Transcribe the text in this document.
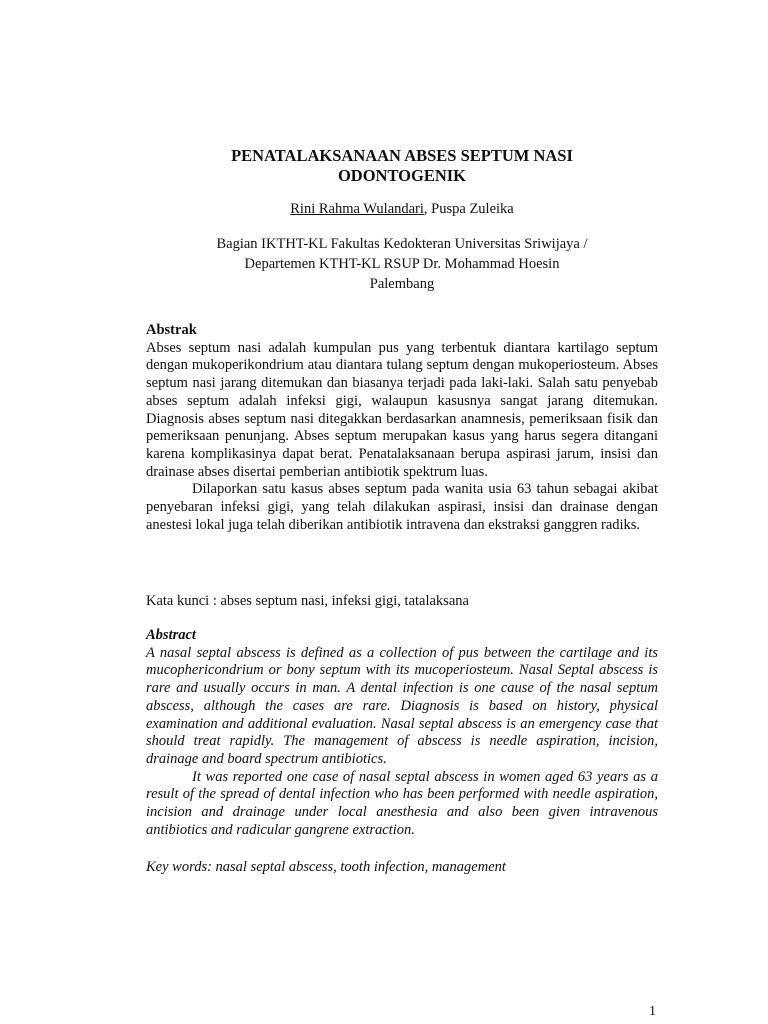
PENATALAKSANAAN ABSES SEPTUM NASI
ODONTOGENIK
Rini Rahma Wulandari, Puspa Zuleika
Bagian IKTHT-KL Fakultas Kedokteran Universitas Sriwijaya /
Departemen KTHT-KL RSUP Dr. Mohammad Hoesin
Palembang
Abstrak

Abses septum nasi adalah kumpulan pus yang terbentuk diantara kartilago septum dengan mukoperikondrium atau diantara tulang septum dengan mukoperiosteum. Abses septum nasi jarang ditemukan dan biasanya terjadi pada laki-laki. Salah satu penyebab abses septum adalah infeksi gigi, walaupun kasusnya sangat jarang ditemukan. Diagnosis abses septum nasi ditegakkan berdasarkan anamnesis, pemeriksaan fisik dan pemeriksaan penunjang. Abses septum merupakan kasus yang harus segera ditangani karena komplikasinya dapat berat. Penatalaksanaan berupa aspirasi jarum, insisi dan drainase abses disertai pemberian antibiotik spektrum luas.

Dilaporkan satu kasus abses septum pada wanita usia 63 tahun sebagai akibat penyebaran infeksi gigi, yang telah dilakukan aspirasi, insisi dan drainase dengan anestesi lokal juga telah diberikan antibiotik intravena dan ekstraksi ganggren radiks.

Kata kunci : abses septum nasi, infeksi gigi, tatalaksana
Abstract

A nasal septal abscess is defined as a collection of pus between the cartilage and its mucophericondrium or bony septum with its mucoperiosteum. Nasal Septal abscess is rare and usually occurs in man. A dental infection is one cause of the nasal septum abscess, although the cases are rare. Diagnosis is based on history, physical examination and additional evaluation. Nasal septal abscess is an emergency case that should treat rapidly. The management of abscess is needle aspiration, incision, drainage and board spectrum antibiotics.

It was reported one case of nasal septal abscess in women aged 63 years as a result of the spread of dental infection who has been performed with needle aspiration, incision and drainage under local anesthesia and also been given intravenous antibiotics and radicular gangrene extraction.

Key words: nasal septal abscess, tooth infection, management
1
